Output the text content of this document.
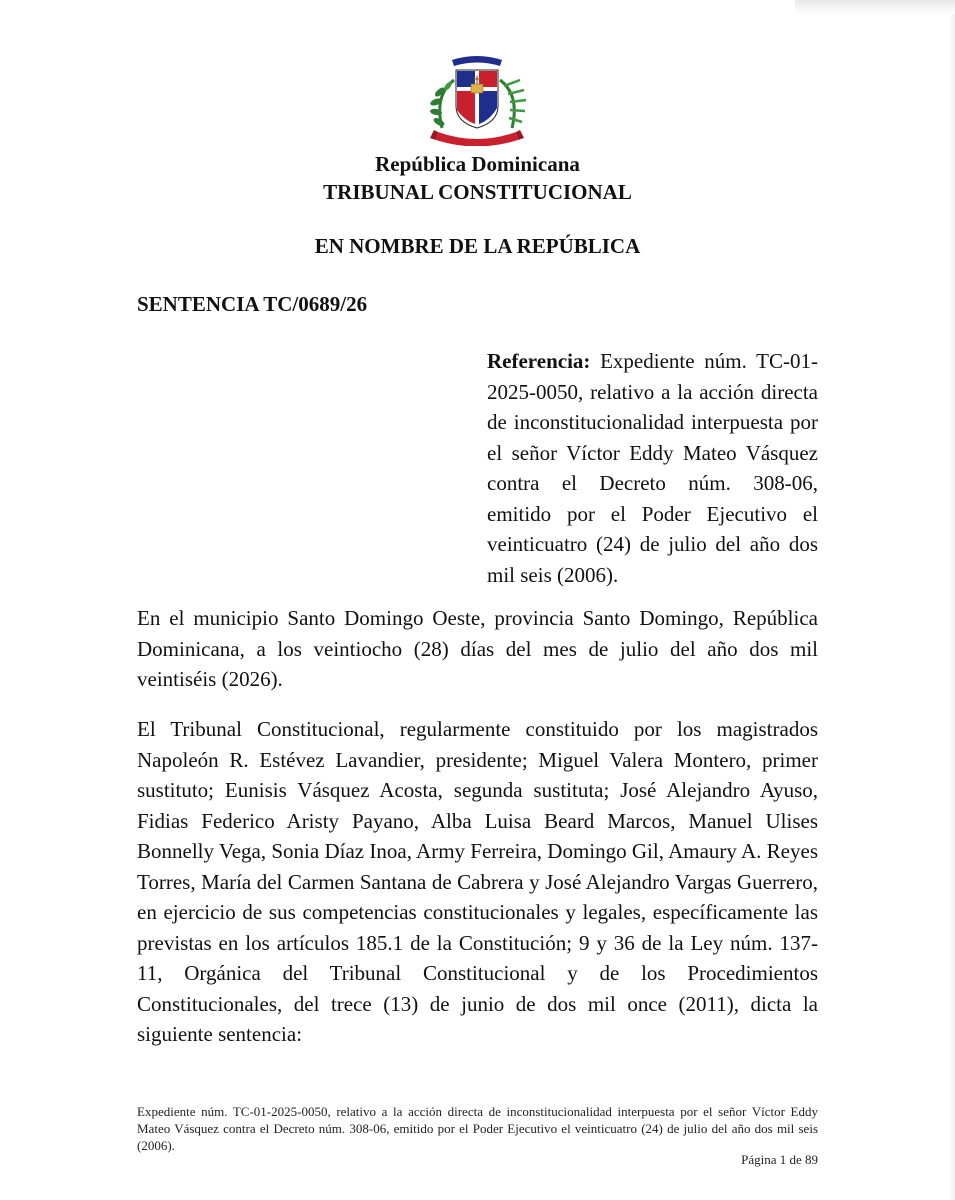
República Dominicana
TRIBUNAL CONSTITUCIONAL
EN NOMBRE DE LA REPÚBLICA
SENTENCIA TC/0689/26
Referencia: Expediente núm. TC-01-2025-0050, relativo a la acción directa de inconstitucionalidad interpuesta por el señor Víctor Eddy Mateo Vásquez contra el Decreto núm. 308-06, emitido por el Poder Ejecutivo el veinticuatro (24) de julio del año dos mil seis (2006).
En el municipio Santo Domingo Oeste, provincia Santo Domingo, República Dominicana, a los veintiocho (28) días del mes de julio del año dos mil veintiséis (2026).
El Tribunal Constitucional, regularmente constituido por los magistrados Napoleón R. Estévez Lavandier, presidente; Miguel Valera Montero, primer sustituto; Eunisis Vásquez Acosta, segunda sustituta; José Alejandro Ayuso, Fidias Federico Aristy Payano, Alba Luisa Beard Marcos, Manuel Ulises Bonnelly Vega, Sonia Díaz Inoa, Army Ferreira, Domingo Gil, Amaury A. Reyes Torres, María del Carmen Santana de Cabrera y José Alejandro Vargas Guerrero, en ejercicio de sus competencias constitucionales y legales, específicamente las previstas en los artículos 185.1 de la Constitución; 9 y 36 de la Ley núm. 137-11, Orgánica del Tribunal Constitucional y de los Procedimientos Constitucionales, del trece (13) de junio de dos mil once (2011), dicta la siguiente sentencia:
Expediente núm. TC-01-2025-0050, relativo a la acción directa de inconstitucionalidad interpuesta por el señor Víctor Eddy Mateo Vásquez contra el Decreto núm. 308-06, emitido por el Poder Ejecutivo el veinticuatro (24) de julio del año dos mil seis (2006).
Página 1 de 89
